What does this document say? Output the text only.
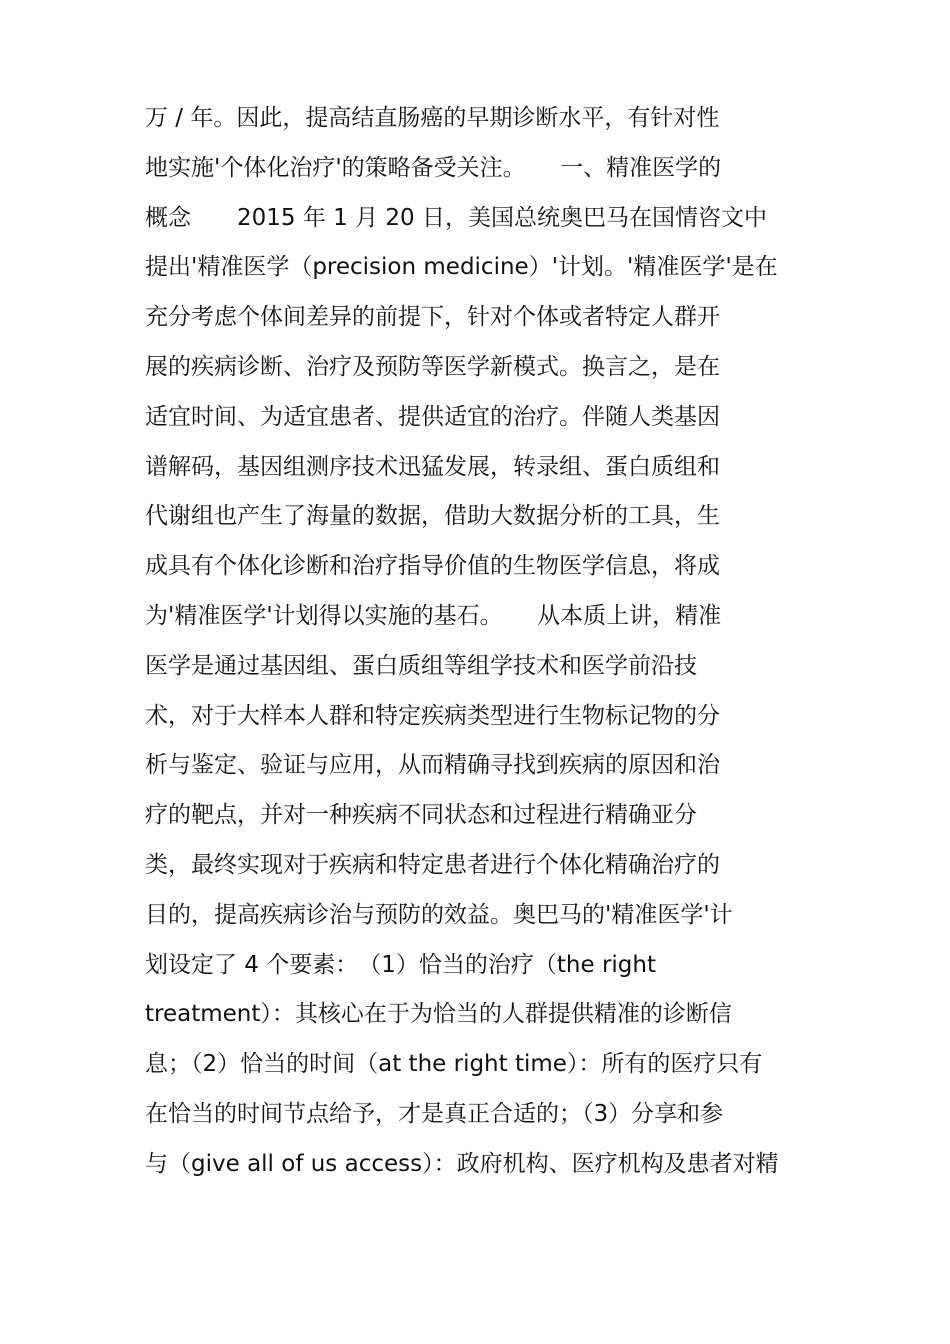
万 / 年。因此，提高结直肠癌的早期诊断水平，有针对性
地实施'个体化治疗'的策略备受关注。　　一、精准医学的
概念　　2015 年 1 月 20 日，美国总统奥巴马在国情咨文中
提出'精准医学（precision medicine）'计划。'精准医学'是在
充分考虑个体间差异的前提下，针对个体或者特定人群开
展的疾病诊断、治疗及预防等医学新模式。换言之，是在
适宜时间、为适宜患者、提供适宜的治疗。伴随人类基因
谱解码，基因组测序技术迅猛发展，转录组、蛋白质组和
代谢组也产生了海量的数据，借助大数据分析的工具，生
成具有个体化诊断和治疗指导价值的生物医学信息，将成
为'精准医学'计划得以实施的基石。　　从本质上讲，精准
医学是通过基因组、蛋白质组等组学技术和医学前沿技
术，对于大样本人群和特定疾病类型进行生物标记物的分
析与鉴定、验证与应用，从而精确寻找到疾病的原因和治
疗的靶点，并对一种疾病不同状态和过程进行精确亚分
类，最终实现对于疾病和特定患者进行个体化精确治疗的
目的，提高疾病诊治与预防的效益。奥巴马的'精准医学'计
划设定了 4 个要素：　（1）恰当的治疗（the right
treatment）：其核心在于为恰当的人群提供精准的诊断信
息；（2）恰当的时间（at the right time）：所有的医疗只有
在恰当的时间节点给予，才是真正合适的；（3）分享和参
与（give all of us access）：政府机构、医疗机构及患者对精
